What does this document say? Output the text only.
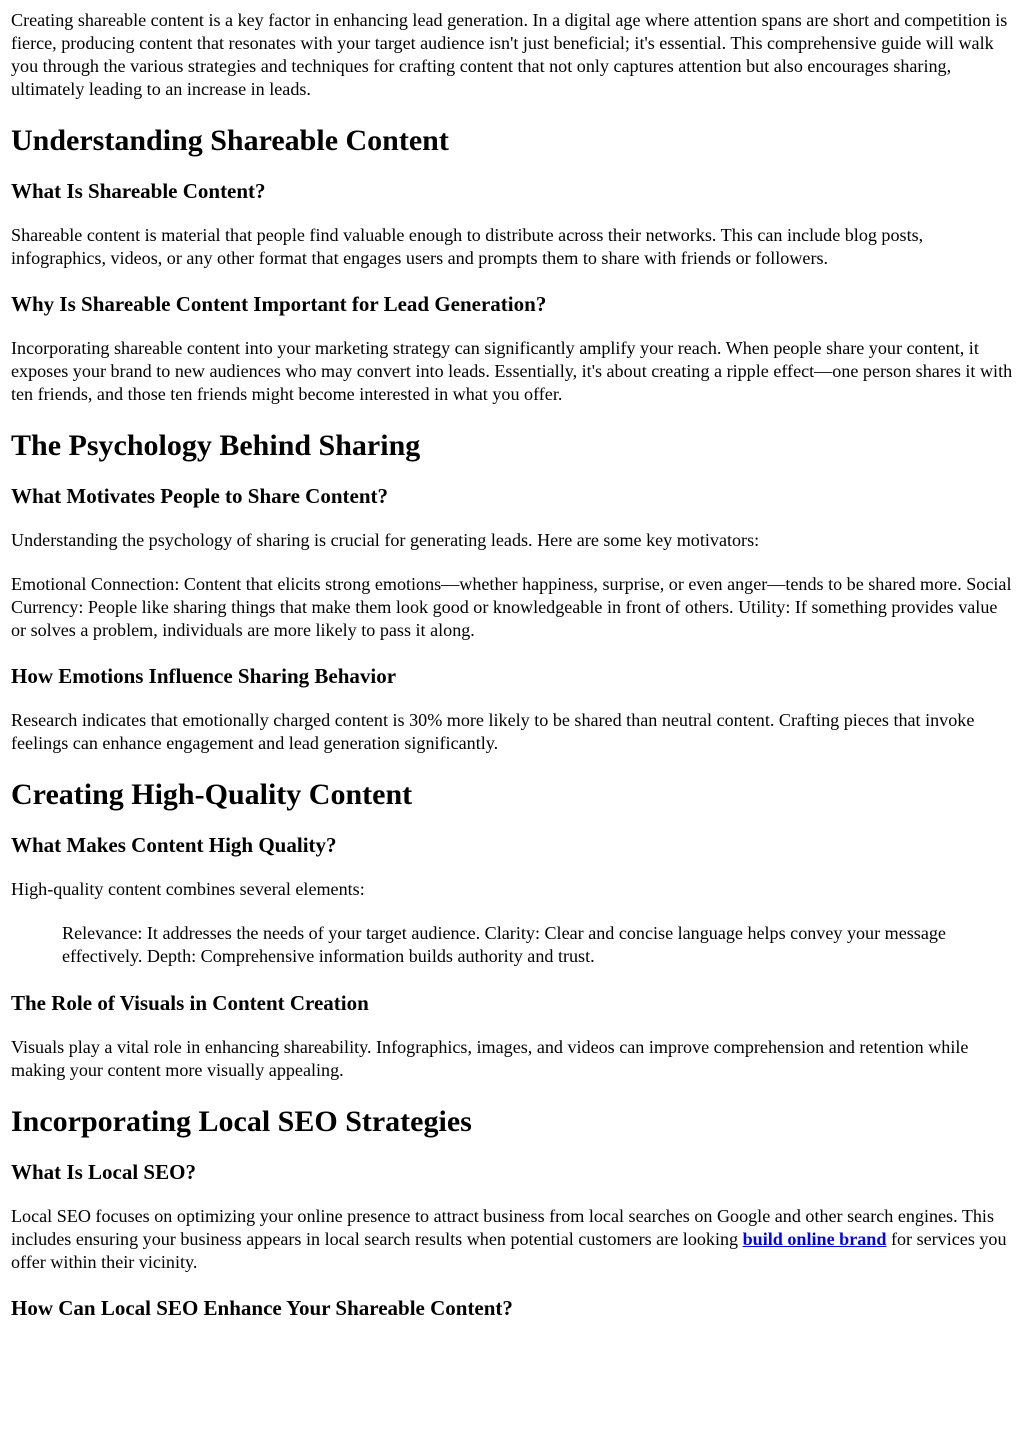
Creating shareable content is a key factor in enhancing lead generation. In a digital age where attention spans are short and competition is fierce, producing content that resonates with your target audience isn't just beneficial; it's essential. This comprehensive guide will walk you through the various strategies and techniques for crafting content that not only captures attention but also encourages sharing, ultimately leading to an increase in leads.

Understanding Shareable Content
What Is Shareable Content?

Shareable content is material that people find valuable enough to distribute across their networks. This can include blog posts, infographics, videos, or any other format that engages users and prompts them to share with friends or followers.

Why Is Shareable Content Important for Lead Generation?

Incorporating shareable content into your marketing strategy can significantly amplify your reach. When people share your content, it exposes your brand to new audiences who may convert into leads. Essentially, it's about creating a ripple effect—one person shares it with ten friends, and those ten friends might become interested in what you offer.

The Psychology Behind Sharing
What Motivates People to Share Content?

Understanding the psychology of sharing is crucial for generating leads. Here are some key motivators:

Emotional Connection: Content that elicits strong emotions—whether happiness, surprise, or even anger—tends to be shared more. Social Currency: People like sharing things that make them look good or knowledgeable in front of others. Utility: If something provides value or solves a problem, individuals are more likely to pass it along.

How Emotions Influence Sharing Behavior

Research indicates that emotionally charged content is 30% more likely to be shared than neutral content. Crafting pieces that invoke feelings can enhance engagement and lead generation significantly.

Creating High-Quality Content
What Makes Content High Quality?

High-quality content combines several elements:

Relevance: It addresses the needs of your target audience. Clarity: Clear and concise language helps convey your message effectively. Depth: Comprehensive information builds authority and trust.
The Role of Visuals in Content Creation

Visuals play a vital role in enhancing shareability. Infographics, images, and videos can improve comprehension and retention while making your content more visually appealing.

Incorporating Local SEO Strategies
What Is Local SEO?

Local SEO focuses on optimizing your online presence to attract business from local searches on Google and other search engines. This includes ensuring your business appears in local search results when potential customers are looking build online brand for services you offer within their vicinity.

How Can Local SEO Enhance Your Shareable Content?
